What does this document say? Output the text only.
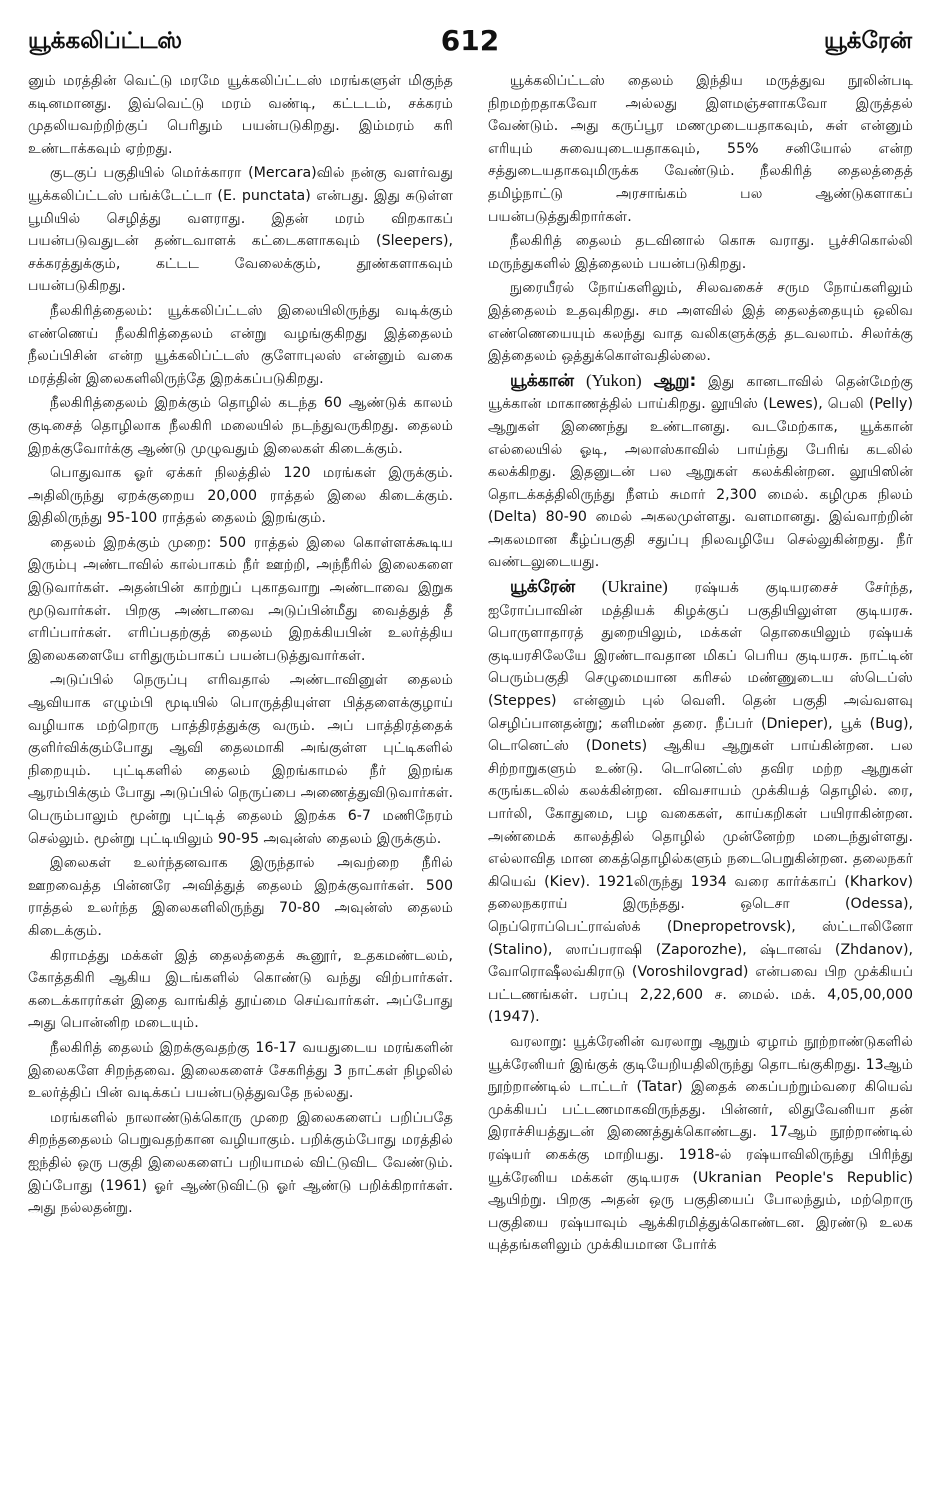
யூக்கலிப்ட்டஸ்	612	யூக்ரேன்

னும் மரத்தின் வெட்டு மரமே யூக்கலிப்ட்டஸ் மரங்களுள் மிகுந்த கடினமானது. இவ்வெட்டு மரம் வண்டி, கட்டடம், சக்கரம் முதலியவற்றிற்குப் பெரிதும் பயன்படுகிறது. இம்மரம் கரி உண்டாக்கவும் ஏற்றது.

குடகுப் பகுதியில் மெர்க்காரா (Mercara)வில் நன்கு வளர்வது யூக்கலிப்ட்டஸ் பங்க்டேட்டா (E. punctata) என்பது. இது சுடுள்ள பூமியில் செழித்து வளராது. இதன் மரம் விறகாகப் பயன்படுவதுடன் தண்டவாளக் கட்டைகளாகவும் (Sleepers), சக்கரத்துக்கும், கட்டட வேலைக்கும், தூண்களாகவும் பயன்படுகிறது.

நீலகிரித்தைலம்: யூக்கலிப்ட்டஸ் இலையிலிருந்து வடிக்கும் எண்ணெய் நீலகிரித்தைலம் என்று வழங்குகிறது இத்தைலம் நீலப்பிசின் என்ற யூக்கலிப்ட்டஸ் குளோபுலஸ் என்னும் வகை மரத்தின் இலைகளிலிருந்தே இறக்கப்படுகிறது.

நீலகிரித்தைலம் இறக்கும் தொழில் கடந்த 60 ஆண்டுக் காலம் குடிசைத் தொழிலாக நீலகிரி மலையில் நடந்துவருகிறது. தைலம் இறக்குவோர்க்கு ஆண்டு முழுவதும் இலைகள் கிடைக்கும்.

பொதுவாக ஓர் ஏக்கர் நிலத்தில் 120 மரங்கள் இருக்கும். அதிலிருந்து ஏறக்குறைய 20,000 ராத்தல் இலை கிடைக்கும். இதிலிருந்து 95-100 ராத்தல் தைலம் இறங்கும்.

தைலம் இறக்கும் முறை: 500 ராத்தல் இலை கொள்ளக்கூடிய இரும்பு அண்டாவில் கால்பாகம் நீர் ஊற்றி, அந்நீரில் இலைகளை இடுவார்கள். அதன்பின் காற்றுப் புகாதவாறு அண்டாவை இறுக மூடுவார்கள். பிறகு அண்டாவை அடுப்பின்மீது வைத்துத் தீ எரிப்பார்கள். எரிப்பதற்குத் தைலம் இறக்கியபின் உலர்த்திய இலைகளையே எரிதுரும்பாகப் பயன்படுத்துவார்கள்.

அடுப்பில் நெருப்பு எரிவதால் அண்டாவினுள் தைலம் ஆவியாக எழும்பி மூடியில் பொருத்தியுள்ள பித்தளைக்குழாய் வழியாக மற்றொரு பாத்திரத்துக்கு வரும். அப் பாத்திரத்தைக் குளிர்விக்கும்போது ஆவி தைலமாகி அங்குள்ள புட்டிகளில் நிறையும். புட்டிகளில் தைலம் இறங்காமல் நீர் இறங்க ஆரம்பிக்கும் போது அடுப்பில் நெருப்பை அணைத்துவிடுவார்கள். பெரும்பாலும் மூன்று புட்டித் தைலம் இறக்க 6-7 மணிநேரம் செல்லும். மூன்று புட்டியிலும் 90-95 அவுன்ஸ் தைலம் இருக்கும்.

இலைகள் உலர்ந்தனவாக இருந்தால் அவற்றை நீரில் ஊறவைத்த பின்னரே அவித்துத் தைலம் இறக்குவார்கள். 500 ராத்தல் உலர்ந்த இலைகளிலிருந்து 70-80 அவுன்ஸ் தைலம் கிடைக்கும்.

கிராமத்து மக்கள் இத் தைலத்தைக் கூனூர், உதகமண்டலம், கோத்தகிரி ஆகிய இடங்களில் கொண்டு வந்து விற்பார்கள். கடைக்காரர்கள் இதை வாங்கித் தூய்மை செய்வார்கள். அப்போது அது பொன்னிற மடையும்.

நீலகிரித் தைலம் இறக்குவதற்கு 16-17 வயதுடைய மரங்களின் இலைகளே சிறந்தவை. இலைகளைச் சேகரித்து 3 நாட்கள் நிழலில் உலர்த்திப் பின் வடிக்கப் பயன்படுத்துவதே நல்லது.

மரங்களில் நாலாண்டுக்கொரு முறை இலைகளைப் பறிப்பதே சிறந்ததைலம் பெறுவதற்கான வழியாகும். பறிக்கும்போது மரத்தில் ஐந்தில் ஒரு பகுதி இலைகளைப் பறியாமல் விட்டுவிட வேண்டும். இப்போது (1961) ஓர் ஆண்டுவிட்டு ஓர் ஆண்டு பறிக்கிறார்கள். அது நல்லதன்று.

யூக்கலிப்ட்டஸ் தைலம் இந்திய மருத்துவ நூலின்படி நிறமற்றதாகவோ அல்லது இளமஞ்சளாகவோ இருத்தல் வேண்டும். அது கருப்பூர மணமுடையதாகவும், சுள் என்னும் எரியும் சுவையுடையதாகவும், 55% சனியோல் என்ற சத்துடையதாகவுமிருக்க வேண்டும். நீலகிரித் தைலத்தைத் தமிழ்நாட்டு அரசாங்கம் பல ஆண்டுகளாகப் பயன்படுத்துகிறார்கள்.

நீலகிரித் தைலம் தடவினால் கொசு வராது. பூச்சிகொல்லி மருந்துகளில் இத்தைலம் பயன்படுகிறது.

நுரையீரல் நோய்களிலும், சிலவகைச் சரும நோய்களிலும் இத்தைலம் உதவுகிறது. சம அளவில் இத் தைலத்தையும் ஒலிவ எண்ணெயையும் கலந்து வாத வலிகளுக்குத் தடவலாம். சிலர்க்கு இத்தைலம் ஒத்துக்கொள்வதில்லை.

யூக்கான் (Yukon) ஆறு: இது கானடாவில் தென்மேற்கு யூக்கான் மாகாணத்தில் பாய்கிறது. லூயிஸ் (Lewes), பெலி (Pelly) ஆறுகள் இணைந்து உண்டானது. வடமேற்காக, யூக்கான் எல்லையில் ஓடி, அலாஸ்காவில் பாய்ந்து பேரிங் கடலில் கலக்கிறது. இதனுடன் பல ஆறுகள் கலக்கின்றன. லூயிஸின் தொடக்கத்திலிருந்து நீளம் சுமார் 2,300 மைல். கழிமுக நிலம் (Delta) 80-90 மைல் அகலமுள்ளது. வளமானது. இவ்வாற்றின் அகலமான கீழ்ப்பகுதி சதுப்பு நிலவழியே செல்லுகின்றது. நீர் வண்டலுடையது.

யூக்ரேன் (Ukraine) ரஷ்யக் குடியரசைச் சேர்ந்த, ஐரோப்பாவின் மத்தியக் கிழக்குப் பகுதியிலுள்ள குடியரசு. பொருளாதாரத் துறையிலும், மக்கள் தொகையிலும் ரஷ்யக் குடியரசிலேயே இரண்டாவதான மிகப் பெரிய குடியரசு. நாட்டின் பெரும்பகுதி செழுமையான கரிசல் மண்ணுடைய ஸ்டெப்ஸ் (Steppes) என்னும் புல் வெளி. தென் பகுதி அவ்வளவு செழிப்பானதன்று; களிமண் தரை. நீப்பர் (Dnieper), பூக் (Bug), டொனெட்ஸ் (Donets) ஆகிய ஆறுகள் பாய்கின்றன. பல சிற்றாறுகளும் உண்டு. டொனெட்ஸ் தவிர மற்ற ஆறுகள் கருங்கடலில் கலக்கின்றன. விவசாயம் முக்கியத் தொழில். ரை, பார்லி, கோதுமை, பழ வகைகள், காய்கறிகள் பயிராகின்றன. அண்மைக் காலத்தில் தொழில் முன்னேற்ற மடைந்துள்ளது. எல்லாவித மான கைத்தொழில்களும் நடைபெறுகின்றன. தலைநகர் கியெவ் (Kiev). 1921லிருந்து 1934 வரை கார்க்காப் (Kharkov) தலைநகராய் இருந்தது. ஒடெசா (Odessa), நெப்ரொப்பெட்ராவ்ஸ்க் (Dnepropetrovsk), ஸ்ட்டாலினோ (Stalino), ஸாப்பராஷி (Zaporozhe), ஷ்டானவ் (Zhdanov), வோரொஷீலவ்கிராடு (Voroshilovgrad) என்பவை பிற முக்கியப் பட்டணங்கள். பரப்பு 2,22,600 ச. மைல். மக். 4,05,00,000 (1947).

வரலாறு: யூக்ரேனின் வரலாறு ஆறும் ஏழாம் நூற்றாண்டுகளில் யூக்ரேனியர் இங்குக் குடியேறியதிலிருந்து தொடங்குகிறது. 13ஆம் நூற்றாண்டில் டாட்டர் (Tatar) இதைக் கைப்பற்றும்வரை கியெவ் முக்கியப் பட்டணமாகவிருந்தது. பின்னர், லிதுவேனியா தன் இராச்சியத்துடன் இணைத்துக்கொண்டது. 17ஆம் நூற்றாண்டில் ரஷ்யர் கைக்கு மாறியது. 1918-ல் ரஷ்யாவிலிருந்து பிரிந்து யூக்ரேனிய மக்கள் குடியரசு (Ukranian People's Republic) ஆயிற்று. பிறகு அதன் ஒரு பகுதியைப் போலந்தும், மற்றொரு பகுதியை ரஷ்யாவும் ஆக்கிரமித்துக்கொண்டன. இரண்டு உலக யுத்தங்களிலும் முக்கியமான போர்க்
